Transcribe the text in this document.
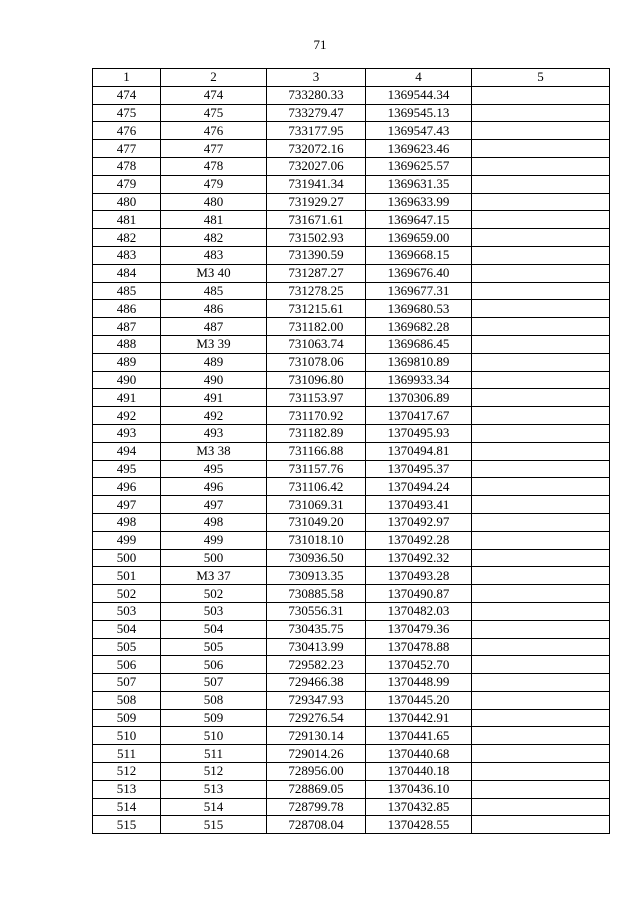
71
1	2	3	4	5
474	474	733280.33	1369544.34	
475	475	733279.47	1369545.13	
476	476	733177.95	1369547.43	
477	477	732072.16	1369623.46	
478	478	732027.06	1369625.57	
479	479	731941.34	1369631.35	
480	480	731929.27	1369633.99	
481	481	731671.61	1369647.15	
482	482	731502.93	1369659.00	
483	483	731390.59	1369668.15	
484	МЗ 40	731287.27	1369676.40	
485	485	731278.25	1369677.31	
486	486	731215.61	1369680.53	
487	487	731182.00	1369682.28	
488	МЗ 39	731063.74	1369686.45	
489	489	731078.06	1369810.89	
490	490	731096.80	1369933.34	
491	491	731153.97	1370306.89	
492	492	731170.92	1370417.67	
493	493	731182.89	1370495.93	
494	МЗ 38	731166.88	1370494.81	
495	495	731157.76	1370495.37	
496	496	731106.42	1370494.24	
497	497	731069.31	1370493.41	
498	498	731049.20	1370492.97	
499	499	731018.10	1370492.28	
500	500	730936.50	1370492.32	
501	МЗ 37	730913.35	1370493.28	
502	502	730885.58	1370490.87	
503	503	730556.31	1370482.03	
504	504	730435.75	1370479.36	
505	505	730413.99	1370478.88	
506	506	729582.23	1370452.70	
507	507	729466.38	1370448.99	
508	508	729347.93	1370445.20	
509	509	729276.54	1370442.91	
510	510	729130.14	1370441.65	
511	511	729014.26	1370440.68	
512	512	728956.00	1370440.18	
513	513	728869.05	1370436.10	
514	514	728799.78	1370432.85	
515	515	728708.04	1370428.55	
